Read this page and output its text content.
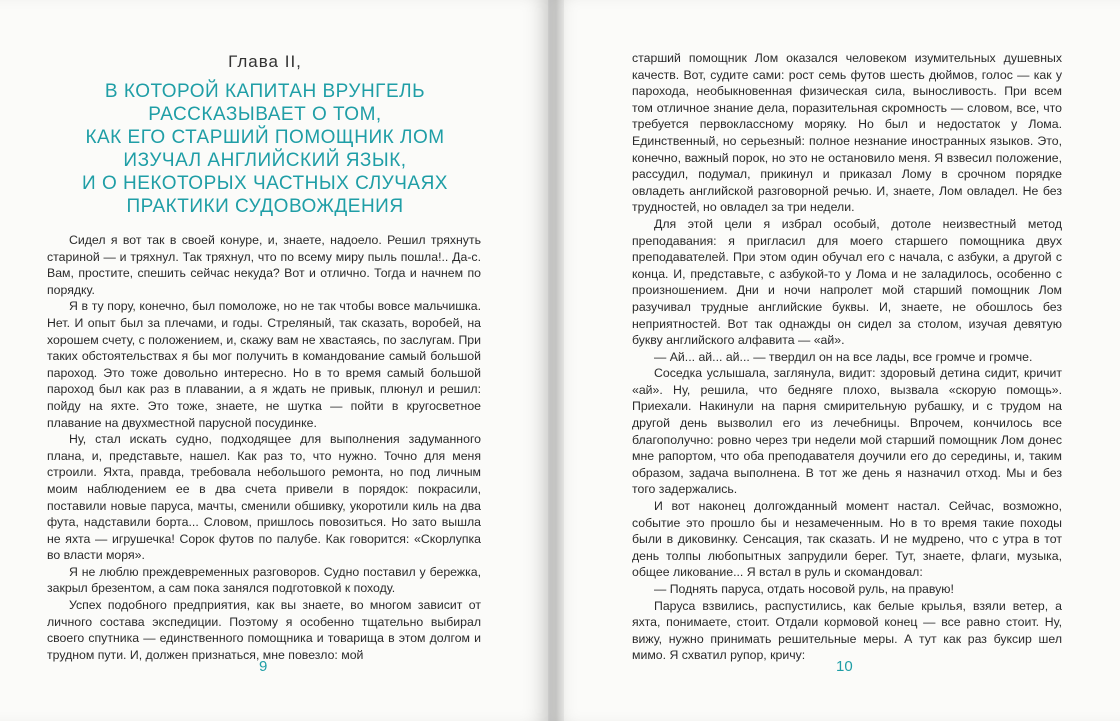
Глава II,
В КОТОРОЙ КАПИТАН ВРУНГЕЛЬ
РАССКАЗЫВАЕТ О ТОМ,
КАК ЕГО СТАРШИЙ ПОМОЩНИК ЛОМ
ИЗУЧАЛ АНГЛИЙСКИЙ ЯЗЫК,
И О НЕКОТОРЫХ ЧАСТНЫХ СЛУЧАЯХ
ПРАКТИКИ СУДОВОЖДЕНИЯ

Сидел я вот так в своей конуре, и, знаете, надоело. Решил тряхнуть стариной — и тряхнул. Так тряхнул, что по всему миру пыль пошла!.. Да-с. Вам, простите, спешить сейчас некуда? Вот и отлично. Тогда и начнем по порядку.

Я в ту пору, конечно, был помоложе, но не так чтобы вовсе мальчишка. Нет. И опыт был за плечами, и годы. Стреляный, так сказать, воробей, на хорошем счету, с положением, и, скажу вам не хвастаясь, по заслугам. При таких обстоятельствах я бы мог получить в командование самый большой пароход. Это тоже довольно интересно. Но в то время самый большой пароход был как раз в плавании, а я ждать не привык, плюнул и решил: пойду на яхте. Это тоже, знаете, не шутка — пойти в кругосветное плавание на двухместной парусной посудинке.

Ну, стал искать судно, подходящее для выполнения задуманного плана, и, представьте, нашел. Как раз то, что нужно. Точно для меня строили. Яхта, правда, требовала небольшого ремонта, но под личным моим наблюдением ее в два счета привели в порядок: покрасили, поставили новые паруса, мачты, сменили обшивку, укоротили киль на два фута, надставили борта... Словом, пришлось повозиться. Но зато вышла не яхта — игрушечка! Сорок футов по палубе. Как говорится: «Скорлупка во власти моря».

Я не люблю преждевременных разговоров. Судно поставил у бережка, закрыл брезентом, а сам пока занялся подготовкой к походу.

Успех подобного предприятия, как вы знаете, во многом зависит от личного состава экспедиции. Поэтому я особенно тщательно выбирал своего спутника — единственного помощника и товарища в этом долгом и трудном пути. И, должен признаться, мне повезло: мой

9

старший помощник Лом оказался человеком изумительных душевных качеств. Вот, судите сами: рост семь футов шесть дюймов, голос — как у парохода, необыкновенная физическая сила, выносливость. При всем том отличное знание дела, поразительная скромность — словом, все, что требуется первоклассному моряку. Но был и недостаток у Лома. Единственный, но серьезный: полное незнание иностранных языков. Это, конечно, важный порок, но это не остановило меня. Я взвесил положение, рассудил, подумал, прикинул и приказал Лому в срочном порядке овладеть английской разговорной речью. И, знаете, Лом овладел. Не без трудностей, но овладел за три недели.

Для этой цели я избрал особый, дотоле неизвестный метод преподавания: я пригласил для моего старшего помощника двух преподавателей. При этом один обучал его с начала, с азбуки, а другой с конца. И, представьте, с азбукой-то у Лома и не заладилось, особенно с произношением. Дни и ночи напролет мой старший помощник Лом разучивал трудные английские буквы. И, знаете, не обошлось без неприятностей. Вот так однажды он сидел за столом, изучая девятую букву английского алфавита — «ай».

— Ай... ай... ай... — твердил он на все лады, все громче и громче.

Соседка услышала, заглянула, видит: здоровый детина сидит, кричит «ай». Ну, решила, что бедняге плохо, вызвала «скорую помощь». Приехали. Накинули на парня смирительную рубашку, и с трудом на другой день вызволил его из лечебницы. Впрочем, кончилось все благополучно: ровно через три недели мой старший помощник Лом донес мне рапортом, что оба преподавателя доучили его до середины, и, таким образом, задача выполнена. В тот же день я назначил отход. Мы и без того задержались.

И вот наконец долгожданный момент настал. Сейчас, возможно, событие это прошло бы и незамеченным. Но в то время такие походы были в диковинку. Сенсация, так сказать. И не мудрено, что с утра в тот день толпы любопытных запрудили берег. Тут, знаете, флаги, музыка, общее ликование... Я встал в руль и скомандовал:

— Поднять паруса, отдать носовой руль, на правую!

Паруса взвились, распустились, как белые крылья, взяли ветер, а яхта, понимаете, стоит. Отдали кормовой конец — все равно стоит. Ну, вижу, нужно принимать решительные меры. А тут как раз буксир шел мимо. Я схватил рупор, кричу:

10
